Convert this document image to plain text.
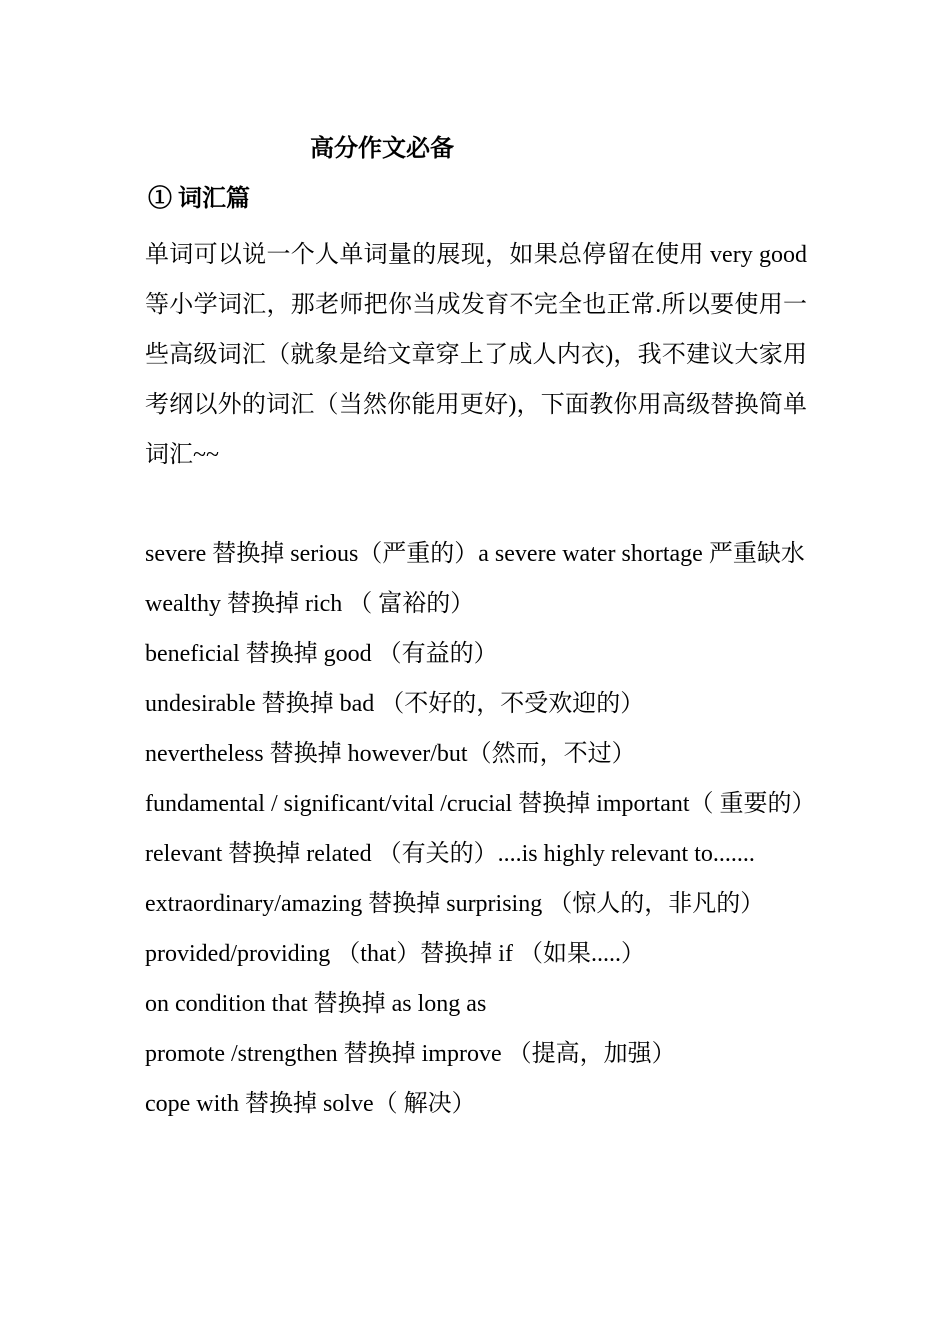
高分作文必备
① 词汇篇

单词可以说一个人单词量的展现，如果总停留在使用 very good 等小学词汇，那老师把你当成发育不完全也正常.所以要使用一些高级词汇（就象是给文章穿上了成人内衣)，我不建议大家用考纲以外的词汇（当然你能用更好)，下面教你用高级替换简单词汇~~

severe 替换掉 serious（严重的）a severe water shortage 严重缺水
wealthy 替换掉 rich （ 富裕的）
beneficial 替换掉 good （有益的）
undesirable 替换掉 bad （不好的，不受欢迎的）
nevertheless 替换掉 however/but（然而，不过）
fundamental / significant/vital /crucial 替换掉 important（ 重要的）
relevant 替换掉 related （有关的）....is highly relevant to.......
extraordinary/amazing 替换掉 surprising （惊人的，非凡的）
provided/providing （that）替换掉 if （如果.....）
on condition that 替换掉 as long as
promote /strengthen 替换掉 improve （提高，加强）
cope with 替换掉 solve（ 解决）
